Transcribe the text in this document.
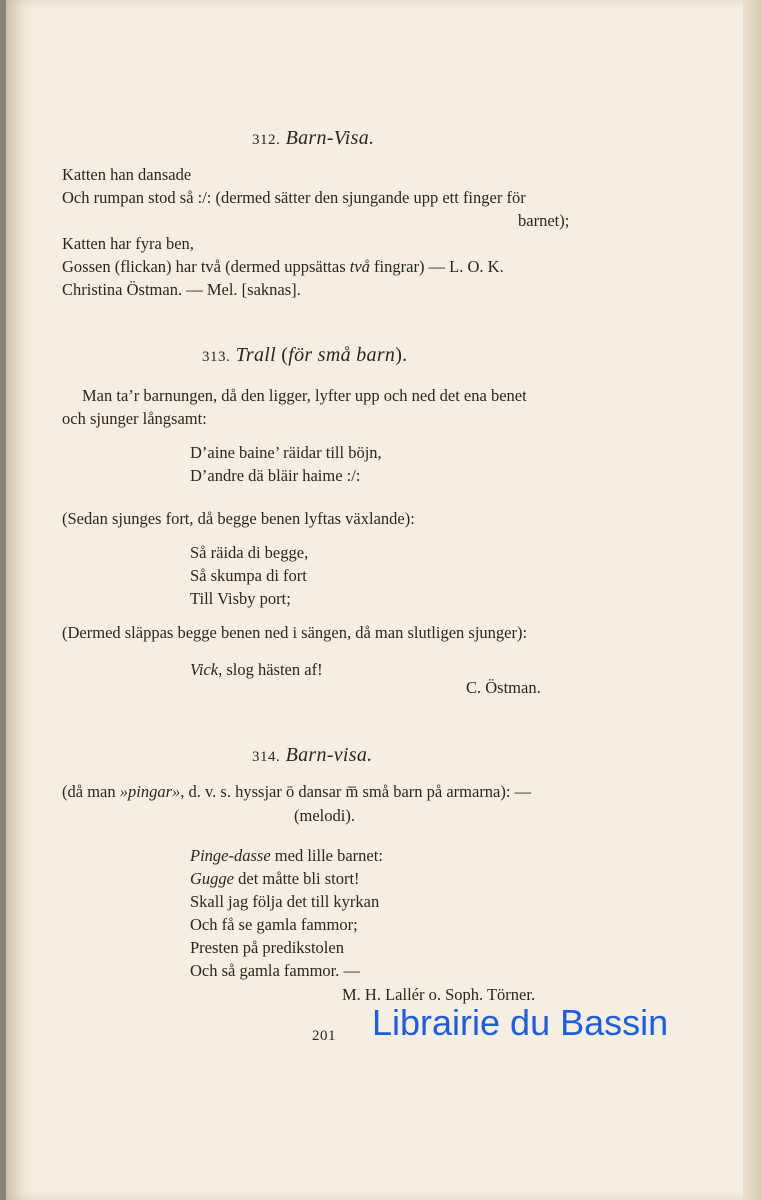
312. Barn-Visa.
Katten han dansade
Och rumpan stod så :/: (dermed sätter den sjungande upp ett finger för
barnet);
Katten har fyra ben,
Gossen (flickan) har två (dermed uppsättas två fingrar) — L. O. K.
Christina Östman. — Mel. [saknas].
313. Trall (för små barn).
Man ta’r barnungen, då den ligger, lyfter upp och ned det ena benet
och sjunger långsamt:
D’aine baine’ räidar till böjn,
D’andre dä bläir haime :/:
(Sedan sjunges fort, då begge benen lyftas växlande):
Så räida di begge,
Så skumpa di fort
Till Visby port;
(Dermed släppas begge benen ned i sängen, då man slutligen sjunger):
Vick, slog hästen af!
C. Östman.
314. Barn-visa.
(då man »pingar», d. v. s. hyssjar ō dansar m̅ små barn på armarna): —
(melodi).
Pinge-dasse med lille barnet:
Gugge det måtte bli stort!
Skall jag följa det till kyrkan
Och få se gamla fammor;
Presten på predikstolen
Och så gamla fammor. —
M. H. Lallér o. Soph. Törner.
201 Librairie du Bassin
